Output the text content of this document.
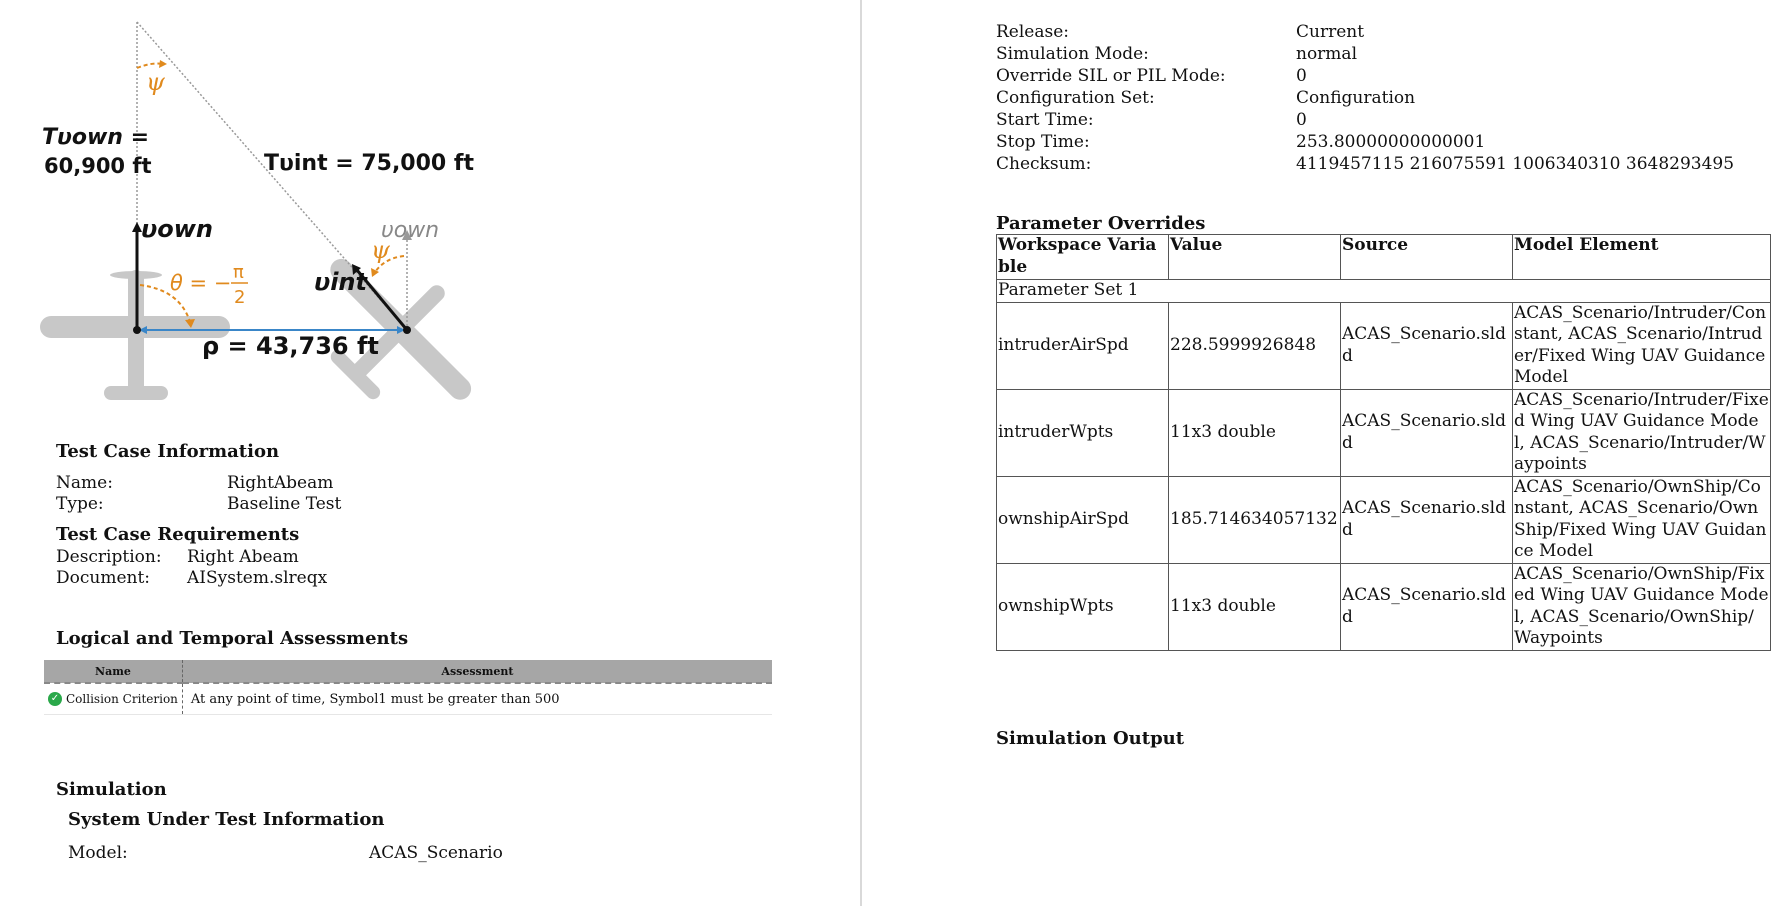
ψ
Tυown =
60,900 ft	Tυint = 75,000 ft
υown	υown
υint
ψ
θ = − π
2
ρ = 43,736 ft
Test Case Information
Name:	RightAbeam
Type:	Baseline Test
Test Case Requirements
Description: Right Abeam
Document: AISystem.slreqx
Logical and Temporal Assessments
Name	Assessment
✓ Collision Criterion	At any point of time, Symbol1 must be greater than 500
Simulation
System Under Test Information
Model:	ACAS_Scenario
Release:	Current
Simulation Mode:	normal
Override SIL or PIL Mode:	0
Configuration Set:	Configuration
Start Time:	0
Stop Time:	253.80000000000001
Checksum:	4119457115 216075591 1006340310 3648293495
Parameter Overrides
Workspace Variable	Value	Source	Model Element
Parameter Set 1			
intruderAirSpd	228.5999926848	ACAS_Scenario.sldd	ACAS_Scenario/Intruder/Constant, ACAS_Scenario/Intruder/Fixed Wing UAV Guidance Model
intruderWpts	11x3 double	ACAS_Scenario.sldd	ACAS_Scenario/Intruder/Fixed Wing UAV Guidance Model, ACAS_Scenario/Intruder/Waypoints
ownshipAirSpd	185.714634057132	ACAS_Scenario.sldd	ACAS_Scenario/OwnShip/Constant, ACAS_Scenario/OwnShip/Fixed Wing UAV Guidance Model
ownshipWpts	11x3 double	ACAS_Scenario.sldd	ACAS_Scenario/OwnShip/Fixed Wing UAV Guidance Model, ACAS_Scenario/OwnShip/Waypoints
Simulation Output
